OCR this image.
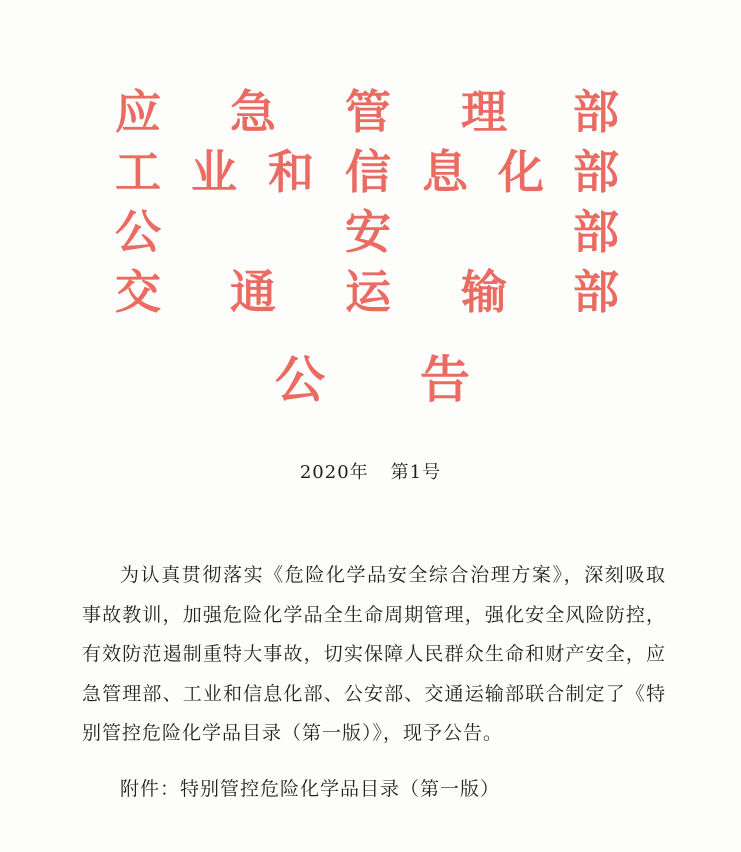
应 急 管 理 部
工 业 和 信 息 化 部
公	安	部
交 通 运 输 部
公 告
2020年 第1号
为认真贯彻落实《危险化学品安全综合治理方案》，深刻吸取事故教训，加强危险化学品全生命周期管理，强化安全风险防控，有效防范遏制重特大事故，切实保障人民群众生命和财产安全，应急管理部、工业和信息化部、公安部、交通运输部联合制定了《特别管控危险化学品目录（第一版）》，现予公告。
附件：特别管控危险化学品目录（第一版）
